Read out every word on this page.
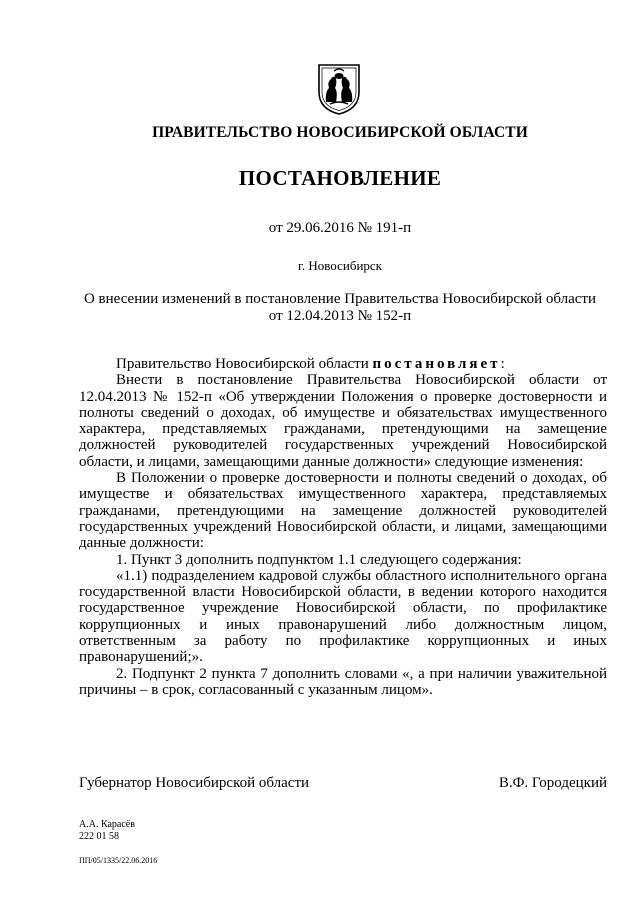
ПРАВИТЕЛЬСТВО НОВОСИБИРСКОЙ ОБЛАСТИ
ПОСТАНОВЛЕНИЕ
от 29.06.2016 № 191-п
г. Новосибирск
О внесении изменений в постановление Правительства Новосибирской области
от 12.04.2013 № 152-п

Правительство Новосибирской области постановляет:

Внести в постановление Правительства Новосибирской области от 12.04.2013 № 152-п «Об утверждении Положения о проверке достоверности и полноты сведений о доходах, об имуществе и обязательствах имущественного характера, представляемых гражданами, претендующими на замещение должностей руководителей государственных учреждений Новосибирской области, и лицами, замещающими данные должности» следующие изменения:

В Положении о проверке достоверности и полноты сведений о доходах, об имуществе и обязательствах имущественного характера, представляемых гражданами, претендующими на замещение должностей руководителей государственных учреждений Новосибирской области, и лицами, замещающими данные должности:

1. Пункт 3 дополнить подпунктом 1.1 следующего содержания:

«1.1) подразделением кадровой службы областного исполнительного органа государственной власти Новосибирской области, в ведении которого находится государственное учреждение Новосибирской области, по профилактике коррупционных и иных правонарушений либо должностным лицом, ответственным за работу по профилактике коррупционных и иных правонарушений;».

2. Подпункт 2 пункта 7 дополнить словами «, а при наличии уважительной причины – в срок, согласованный с указанным лицом».

Губернатор Новосибирской области	В.Ф. Городецкий
А.А. Карасёв
222 01 58
ПП/05/1335/22.06.2016
